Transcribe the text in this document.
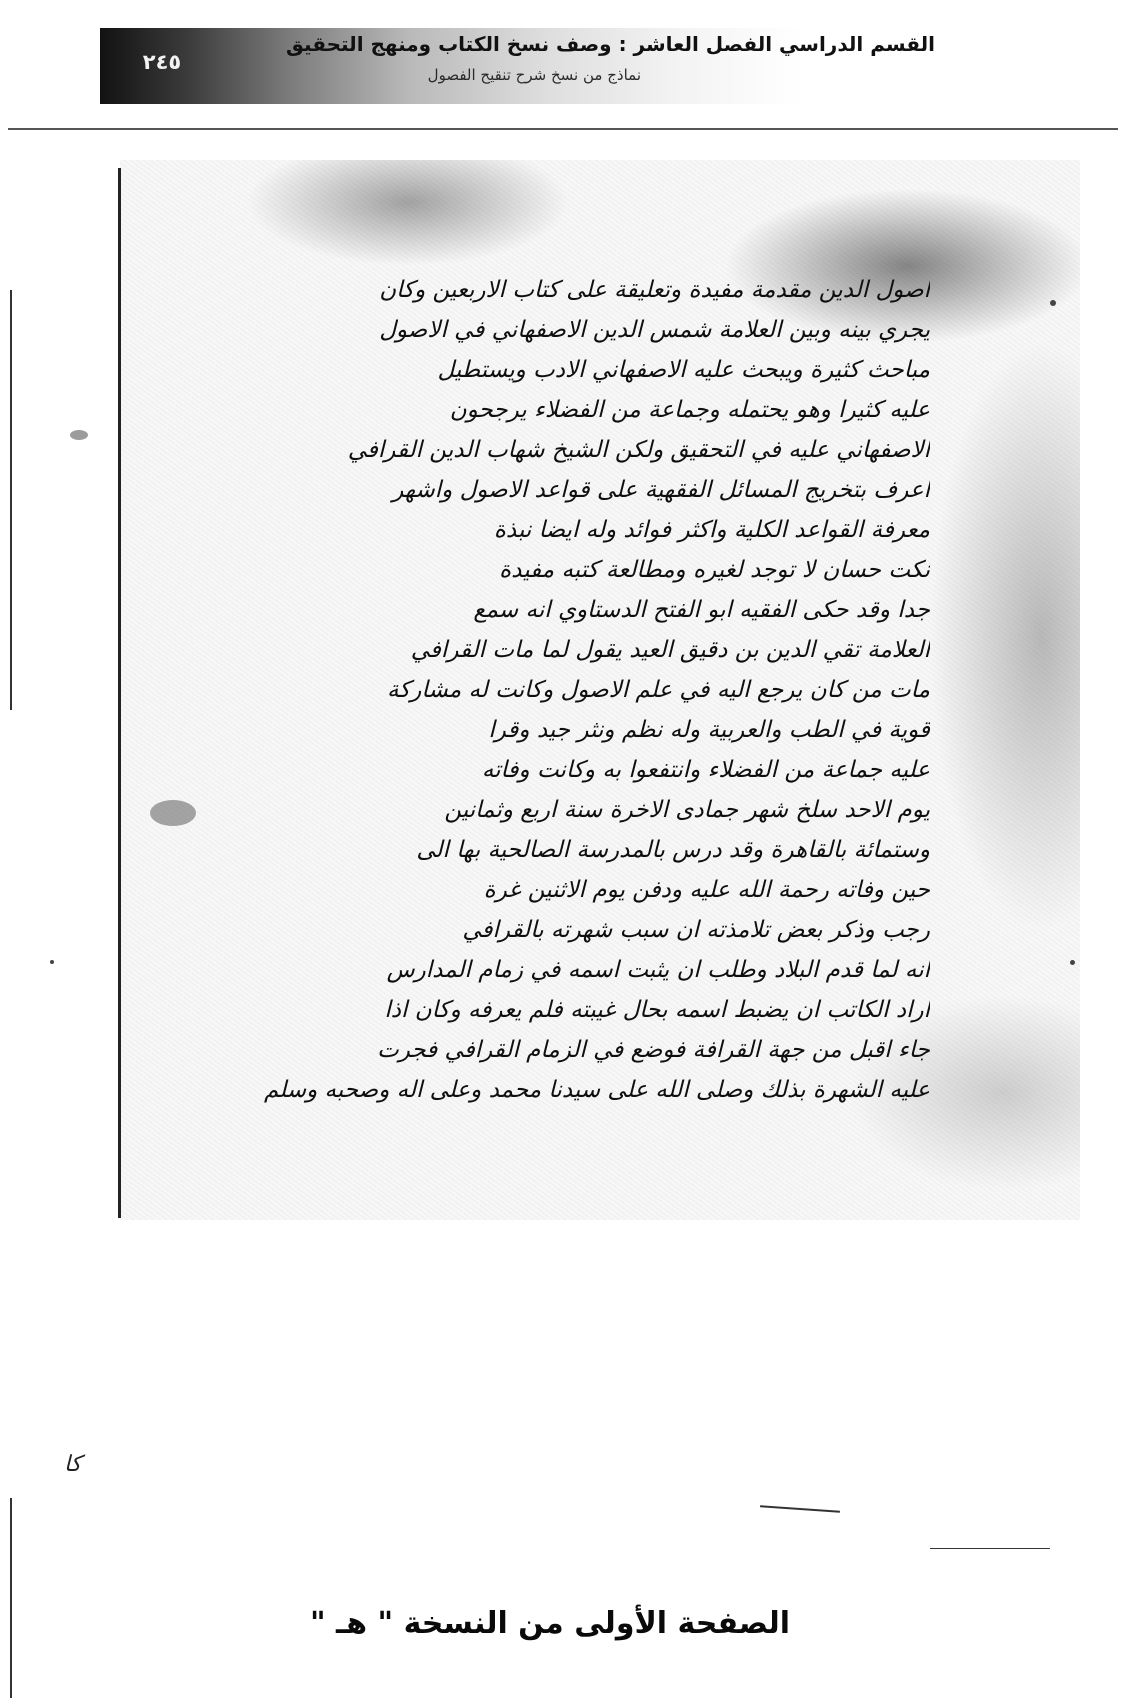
٢٤٥
القسم الدراسي الفصل العاشر : وصف نسخ الكتاب ومنهج التحقيق
نماذج من نسخ شرح تنقيح الفصول
اصول الدين مقدمة مفيدة وتعليقة على كتاب الاربعين وكان
يجري بينه وبين العلامة شمس الدين الاصفهاني في الاصول
مباحث كثيرة ويبحث عليه الاصفهاني الادب ويستطيل
عليه كثيرا وهو يحتمله وجماعة من الفضلاء يرجحون
الاصفهاني عليه في التحقيق ولكن الشيخ شهاب الدين القرافي
اعرف بتخريج المسائل الفقهية على قواعد الاصول واشهر
معرفة القواعد الكلية واكثر فوائد وله ايضا نبذة
نكت حسان لا توجد لغيره ومطالعة كتبه مفيدة
جدا وقد حكى الفقيه ابو الفتح الدستاوي انه سمع
العلامة تقي الدين بن دقيق العيد يقول لما مات القرافي
مات من كان يرجع اليه في علم الاصول وكانت له مشاركة
قوية في الطب والعربية وله نظم ونثر جيد وقرا
عليه جماعة من الفضلاء وانتفعوا به وكانت وفاته
يوم الاحد سلخ شهر جمادى الاخرة سنة اربع وثمانين
وستمائة بالقاهرة وقد درس بالمدرسة الصالحية بها الى
حين وفاته رحمة الله عليه ودفن يوم الاثنين غرة
رجب وذكر بعض تلامذته ان سبب شهرته بالقرافي
انه لما قدم البلاد وطلب ان يثبت اسمه في زمام المدارس
اراد الكاتب ان يضبط اسمه بحال غيبته فلم يعرفه وكان اذا
جاء اقبل من جهة القرافة فوضع في الزمام القرافي فجرت
عليه الشهرة بذلك وصلى الله على سيدنا محمد وعلى اله وصحبه وسلم
ﮐﺎ
الصفحة الأولى من النسخة " هـ "
